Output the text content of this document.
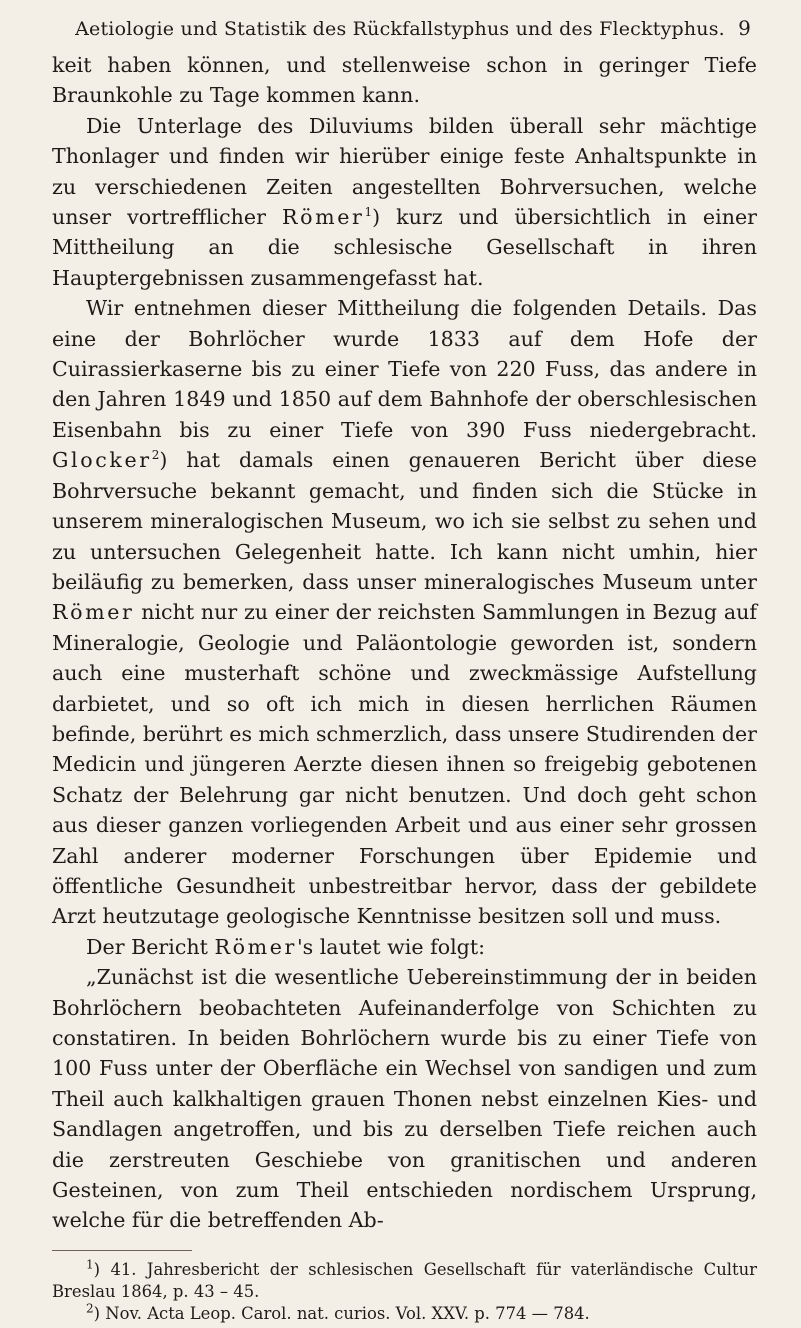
Aetiologie und Statistik des Rückfallstyphus und des Flecktyphus. 9

keit haben können, und stellenweise schon in geringer Tiefe Braunkohle zu Tage kommen kann.

Die Unterlage des Diluviums bilden überall sehr mächtige Thonlager und finden wir hierüber einige feste Anhaltspunkte in zu verschiedenen Zeiten angestellten Bohrversuchen, welche unser vortrefflicher Römer$^1$) kurz und übersichtlich in einer Mittheilung an die schlesische Gesellschaft in ihren Hauptergebnissen zusammengefasst hat.

Wir entnehmen dieser Mittheilung die folgenden Details. Das eine der Bohrlöcher wurde 1833 auf dem Hofe der Cuirassierkaserne bis zu einer Tiefe von 220 Fuss, das andere in den Jahren 1849 und 1850 auf dem Bahnhofe der oberschlesischen Eisenbahn bis zu einer Tiefe von 390 Fuss niedergebracht. Glocker$^2$) hat damals einen genaueren Bericht über diese Bohrversuche bekannt gemacht, und finden sich die Stücke in unserem mineralogischen Museum, wo ich sie selbst zu sehen und zu untersuchen Gelegenheit hatte. Ich kann nicht umhin, hier beiläufig zu bemerken, dass unser mineralogisches Museum unter Römer nicht nur zu einer der reichsten Sammlungen in Bezug auf Mineralogie, Geologie und Paläontologie geworden ist, sondern auch eine musterhaft schöne und zweckmässige Aufstellung darbietet, und so oft ich mich in diesen herrlichen Räumen befinde, berührt es mich schmerzlich, dass unsere Studirenden der Medicin und jüngeren Aerzte diesen ihnen so freigebig gebotenen Schatz der Belehrung gar nicht benutzen. Und doch geht schon aus dieser ganzen vorliegenden Arbeit und aus einer sehr grossen Zahl anderer moderner Forschungen über Epidemie und öffentliche Gesundheit unbestreitbar hervor, dass der gebildete Arzt heutzutage geologische Kenntnisse besitzen soll und muss.

Der Bericht Römer's lautet wie folgt:

„Zunächst ist die wesentliche Uebereinstimmung der in beiden Bohrlöchern beobachteten Aufeinanderfolge von Schichten zu constatiren. In beiden Bohrlöchern wurde bis zu einer Tiefe von 100 Fuss unter der Oberfläche ein Wechsel von sandigen und zum Theil auch kalkhaltigen grauen Thonen nebst einzelnen Kies- und Sandlagen angetroffen, und bis zu derselben Tiefe reichen auch die zerstreuten Geschiebe von granitischen und anderen Gesteinen, von zum Theil entschieden nordischem Ursprung, welche für die betreffenden Ab-

$^1$) 41. Jahresbericht der schlesischen Gesellschaft für vaterländische Cultur Breslau 1864, p. 43 – 45.

$^2$) Nov. Acta Leop. Carol. nat. curios. Vol. XXV. p. 774 — 784.
